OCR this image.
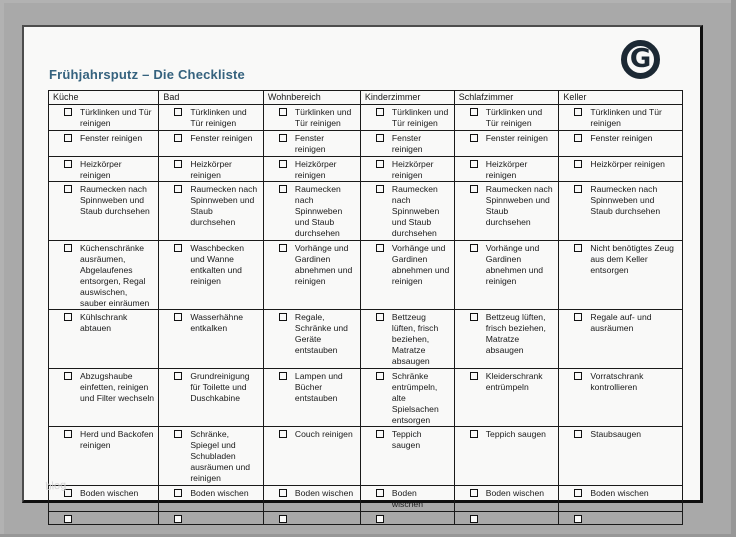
G
Frühjahrsputz – Die Checkliste
Küche	Bad	Wohnbereich	Kinderzimmer	Schlafzimmer	Keller

Türklinken und Tür reinigen	Türklinken und Tür reinigen	Türklinken und Tür reinigen	Türklinken und Tür reinigen	Türklinken und Tür reinigen	Türklinken und Tür reinigen

Fenster reinigen	Fenster reinigen	Fenster reinigen	Fenster reinigen	Fenster reinigen	Fenster reinigen

Heizkörper reinigen	Heizkörper reinigen	Heizkörper reinigen	Heizkörper reinigen	Heizkörper reinigen	Heizkörper reinigen

Raumecken nach Spinnweben und Staub durchsehen	Raumecken nach Spinnweben und Staub durchsehen	Raumecken nach Spinnweben und Staub durchsehen	Raumecken nach Spinnweben und Staub durchsehen	Raumecken nach Spinnweben und Staub durchsehen	Raumecken nach Spinnweben und Staub durchsehen

Küchenschränke ausräumen, Abgelaufenes entsorgen, Regal auswischen, sauber einräumen	Waschbecken und Wanne entkalten und reinigen	Vorhänge und Gardinen abnehmen und reinigen	Vorhänge und Gardinen abnehmen und reinigen	Vorhänge und Gardinen abnehmen und reinigen	Nicht benötigtes Zeug aus dem Keller entsorgen

Kühlschrank abtauen	Wasserhähne entkalken	Regale, Schränke und Geräte entstauben	Bettzeug lüften, frisch beziehen, Matratze absaugen	Bettzeug lüften, frisch beziehen, Matratze absaugen	Regale auf- und ausräumen

Abzugshaube einfetten, reinigen und Filter wechseln	Grundreinigung für Toilette und Duschkabine	Lampen und Bücher entstauben	Schränke entrümpeln, alte Spielsachen entsorgen	Kleiderschrank entrümpeln	Vorratschrank kontrollieren

Herd und Backofen reinigen	Schränke, Spiegel und Schubladen ausräumen und reinigen	Couch reinigen	Teppich saugen	Teppich saugen	Staubsaugen

Boden wischen	Boden wischen	Boden wischen	Boden wischen	Boden wischen	Boden wischen

blog
